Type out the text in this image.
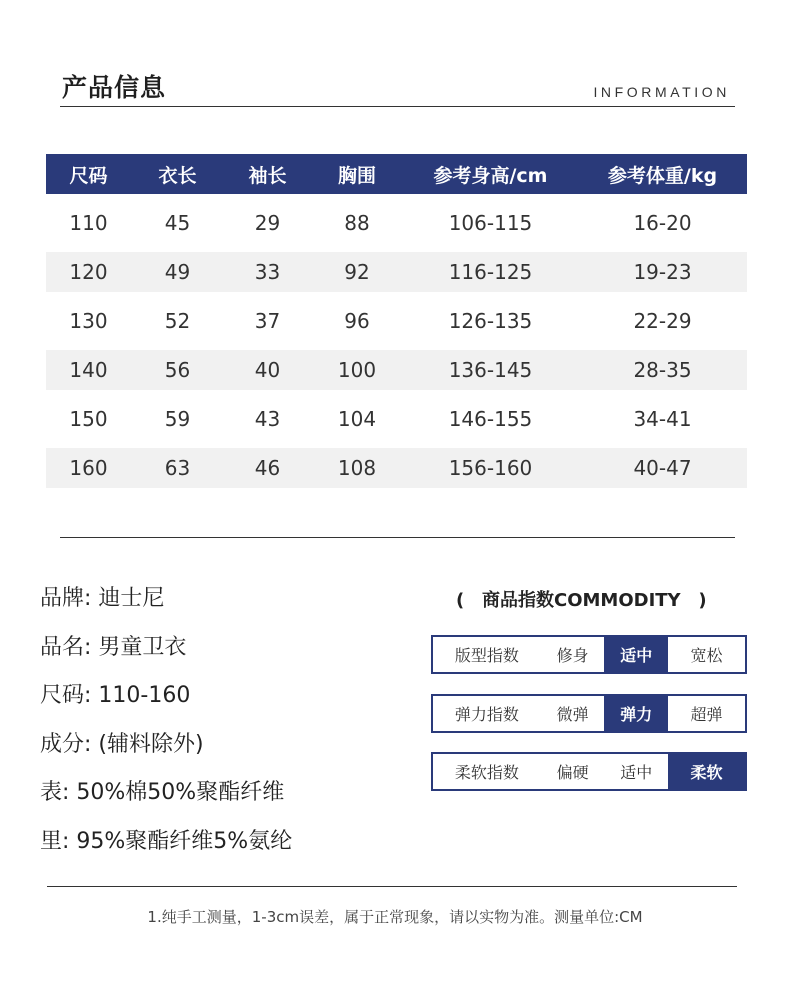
产品信息	INFORMATION
尺码	衣长	袖长	胸围	参考身高/cm	参考体重/kg
110	45	29	88	106-115	16-20
120	49	33	92	116-125	19-23
130	52	37	96	126-135	22-29
140	56	40	100	136-145	28-35
150	59	43	104	146-155	34-41
160	63	46	108	156-160	40-47
品牌: 迪士尼
品名: 男童卫衣
尺码: 110-160
成分: (辅料除外)
表: 50%棉50%聚酯纤维
里: 95%聚酯纤维5%氨纶
( 商品指数COMMODITY )
版型指数	修身	适中	宽松
弹力指数	微弹	弹力	超弹
柔软指数	偏硬	适中	柔软
1.纯手工测量，1-3cm误差，属于正常现象，请以实物为准。测量单位:CM
